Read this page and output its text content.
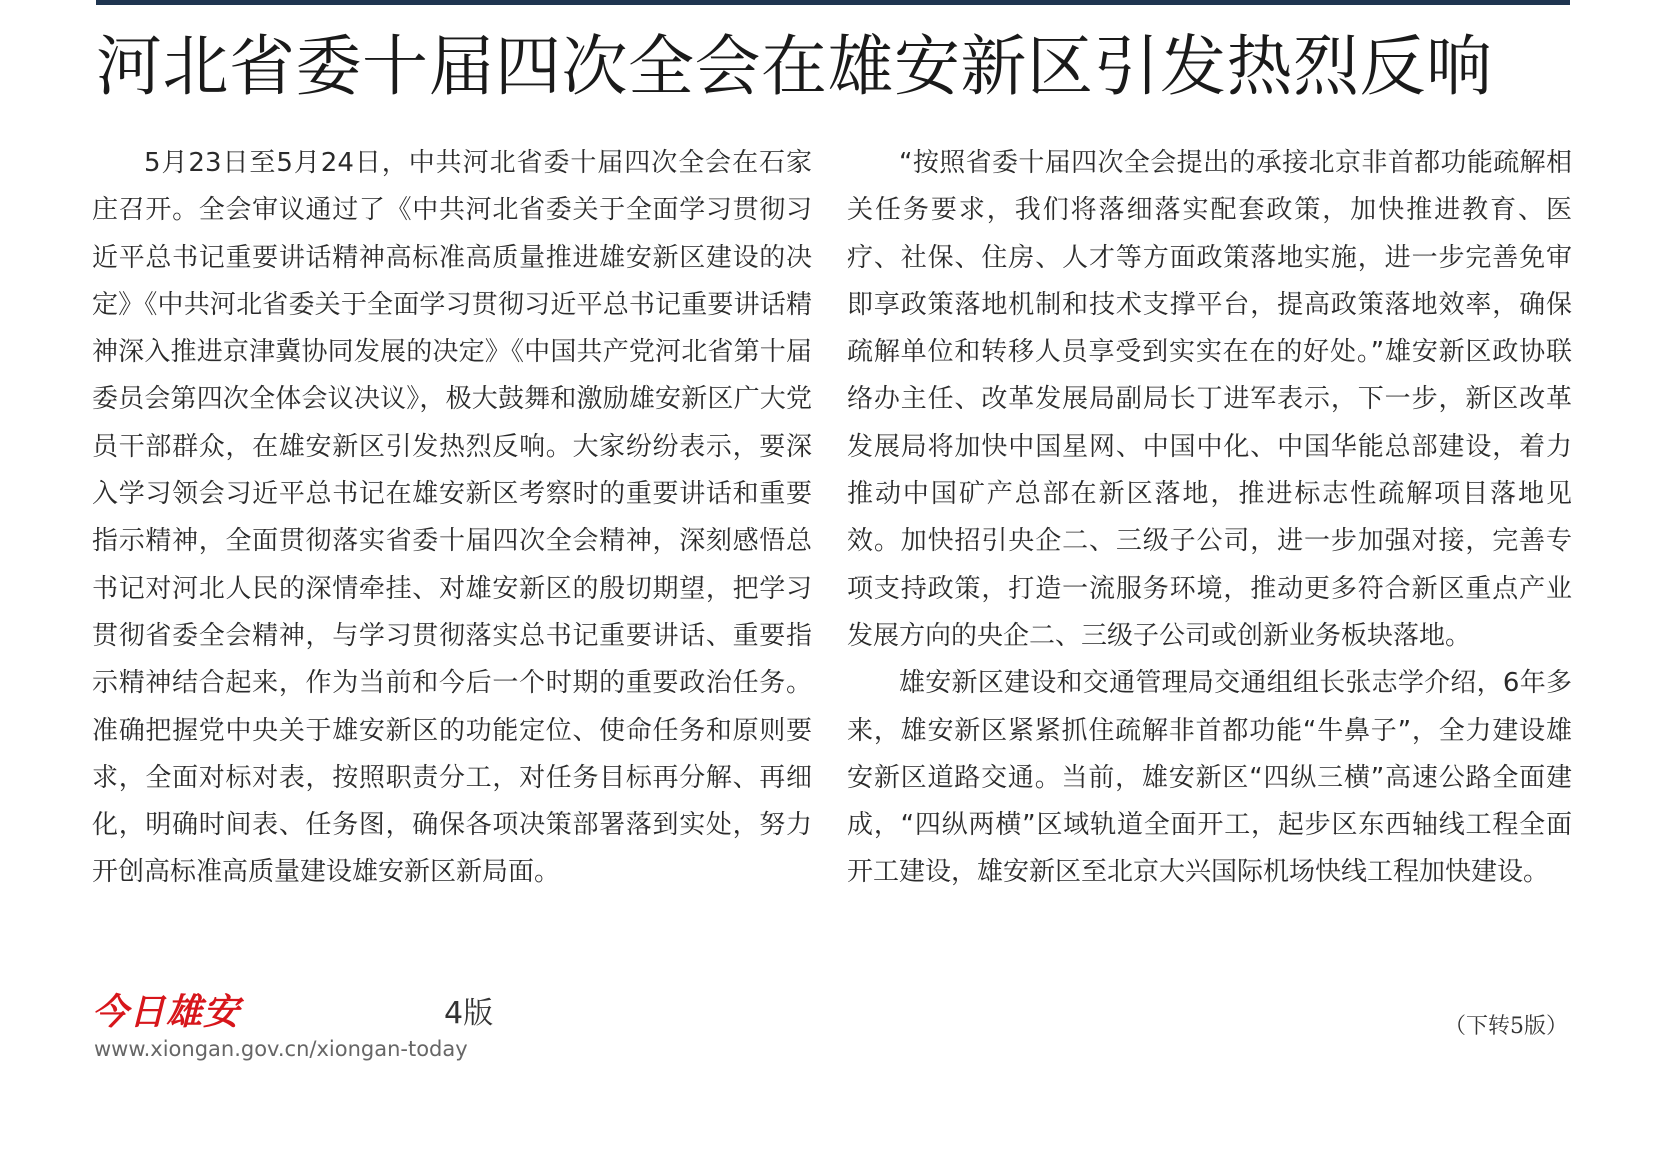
河北省委十届四次全会在雄安新区引发热烈反响

5月23日至5月24日，中共河北省委十届四次全会在石家庄召开。全会审议通过了《中共河北省委关于全面学习贯彻习近平总书记重要讲话精神高标准高质量推进雄安新区建设的决定》《中共河北省委关于全面学习贯彻习近平总书记重要讲话精神深入推进京津冀协同发展的决定》《中国共产党河北省第十届委员会第四次全体会议决议》，极大鼓舞和激励雄安新区广大党员干部群众，在雄安新区引发热烈反响。大家纷纷表示，要深入学习领会习近平总书记在雄安新区考察时的重要讲话和重要指示精神，全面贯彻落实省委十届四次全会精神，深刻感悟总书记对河北人民的深情牵挂、对雄安新区的殷切期望，把学习贯彻省委全会精神，与学习贯彻落实总书记重要讲话、重要指示精神结合起来，作为当前和今后一个时期的重要政治任务。准确把握党中央关于雄安新区的功能定位、使命任务和原则要求，全面对标对表，按照职责分工，对任务目标再分解、再细化，明确时间表、任务图，确保各项决策部署落到实处，努力开创高标准高质量建设雄安新区新局面。

“按照省委十届四次全会提出的承接北京非首都功能疏解相关任务要求，我们将落细落实配套政策，加快推进教育、医疗、社保、住房、人才等方面政策落地实施，进一步完善免审即享政策落地机制和技术支撑平台，提高政策落地效率，确保疏解单位和转移人员享受到实实在在的好处。”雄安新区政协联络办主任、改革发展局副局长丁进军表示，下一步，新区改革发展局将加快中国星网、中国中化、中国华能总部建设，着力推动中国矿产总部在新区落地，推进标志性疏解项目落地见效。加快招引央企二、三级子公司，进一步加强对接，完善专项支持政策，打造一流服务环境，推动更多符合新区重点产业发展方向的央企二、三级子公司或创新业务板块落地。

雄安新区建设和交通管理局交通组组长张志学介绍，6年多来，雄安新区紧紧抓住疏解非首都功能“牛鼻子”，全力建设雄安新区道路交通。当前，雄安新区“四纵三横”高速公路全面建成，“四纵两横”区域轨道全面开工，起步区东西轴线工程全面开工建设，雄安新区至北京大兴国际机场快线工程加快建设。

今日雄安	4版

www.xiongan.gov.cn/xiongan-today

（下转5版）
